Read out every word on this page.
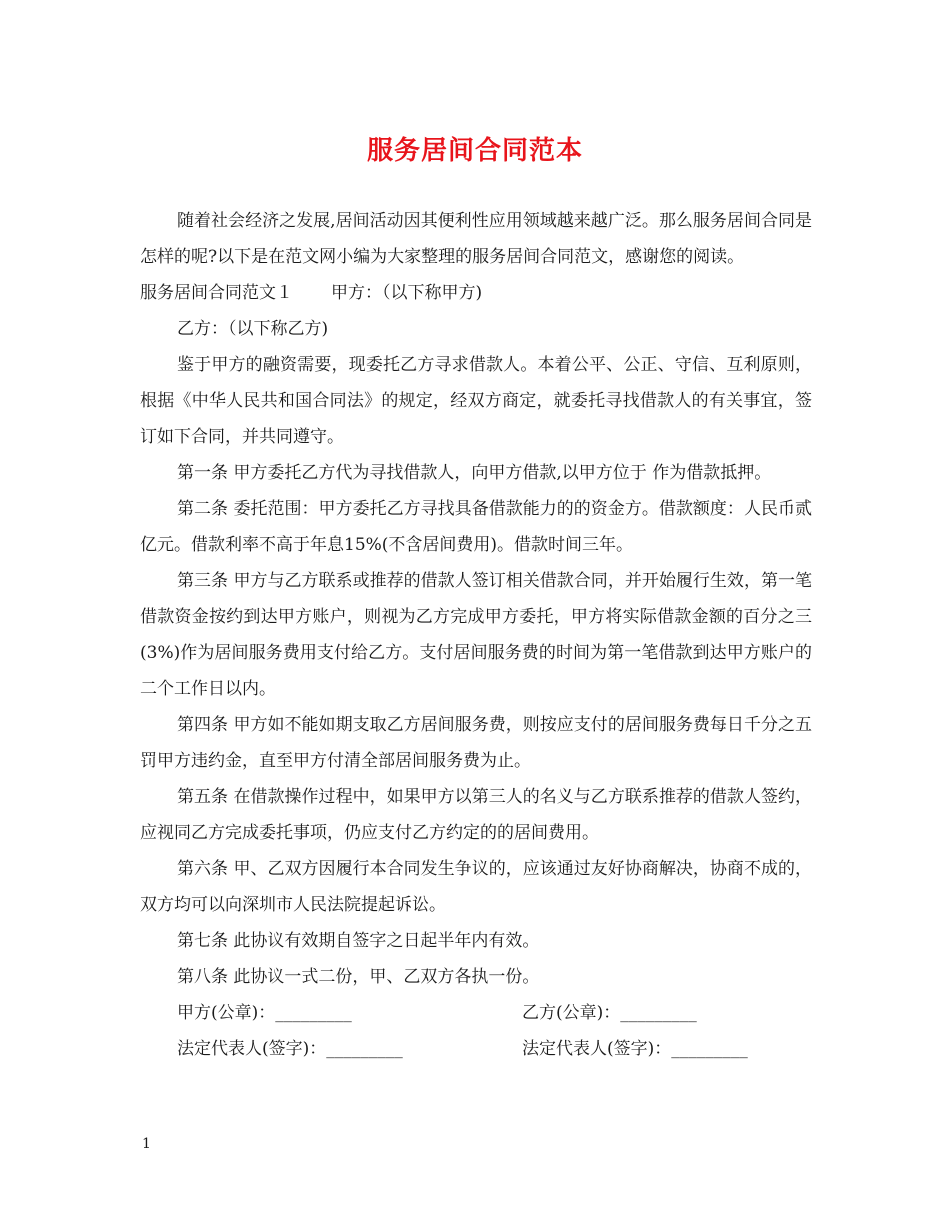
服务居间合同范本

随着社会经济之发展,居间活动因其便利性应用领域越来越广泛。那么服务居间合同是怎样的呢?以下是在范文网小编为大家整理的服务居间合同范文，感谢您的阅读。

服务居间合同范文１ 甲方：（以下称甲方)

乙方：（以下称乙方)

鉴于甲方的融资需要，现委托乙方寻求借款人。本着公平、公正、守信、互利原则，根据《中华人民共和国合同法》的规定，经双方商定，就委托寻找借款人的有关事宜，签订如下合同，并共同遵守。

第一条 甲方委托乙方代为寻找借款人，向甲方借款,以甲方位于 作为借款抵押。

第二条 委托范围：甲方委托乙方寻找具备借款能力的的资金方。借款额度：人民币贰亿元。借款利率不高于年息15%(不含居间费用)。借款时间三年。

第三条 甲方与乙方联系或推荐的借款人签订相关借款合同，并开始履行生效，第一笔借款资金按约到达甲方账户，则视为乙方完成甲方委托，甲方将实际借款金额的百分之三(3%)作为居间服务费用支付给乙方。支付居间服务费的时间为第一笔借款到达甲方账户的二个工作日以内。

第四条 甲方如不能如期支取乙方居间服务费，则按应支付的居间服务费每日千分之五罚甲方违约金，直至甲方付清全部居间服务费为止。

第五条 在借款操作过程中，如果甲方以第三人的名义与乙方联系推荐的借款人签约，应视同乙方完成委托事项，仍应支付乙方约定的的居间费用。

第六条 甲、乙双方因履行本合同发生争议的，应该通过友好协商解决，协商不成的，双方均可以向深圳市人民法院提起诉讼。

第七条 此协议有效期自签字之日起半年内有效。

第八条 此协议一式二份，甲、乙双方各执一份。

甲方(公章)：_________	乙方(公章)：_________
法定代表人(签字)：_________	法定代表人(签字)：_________
1
